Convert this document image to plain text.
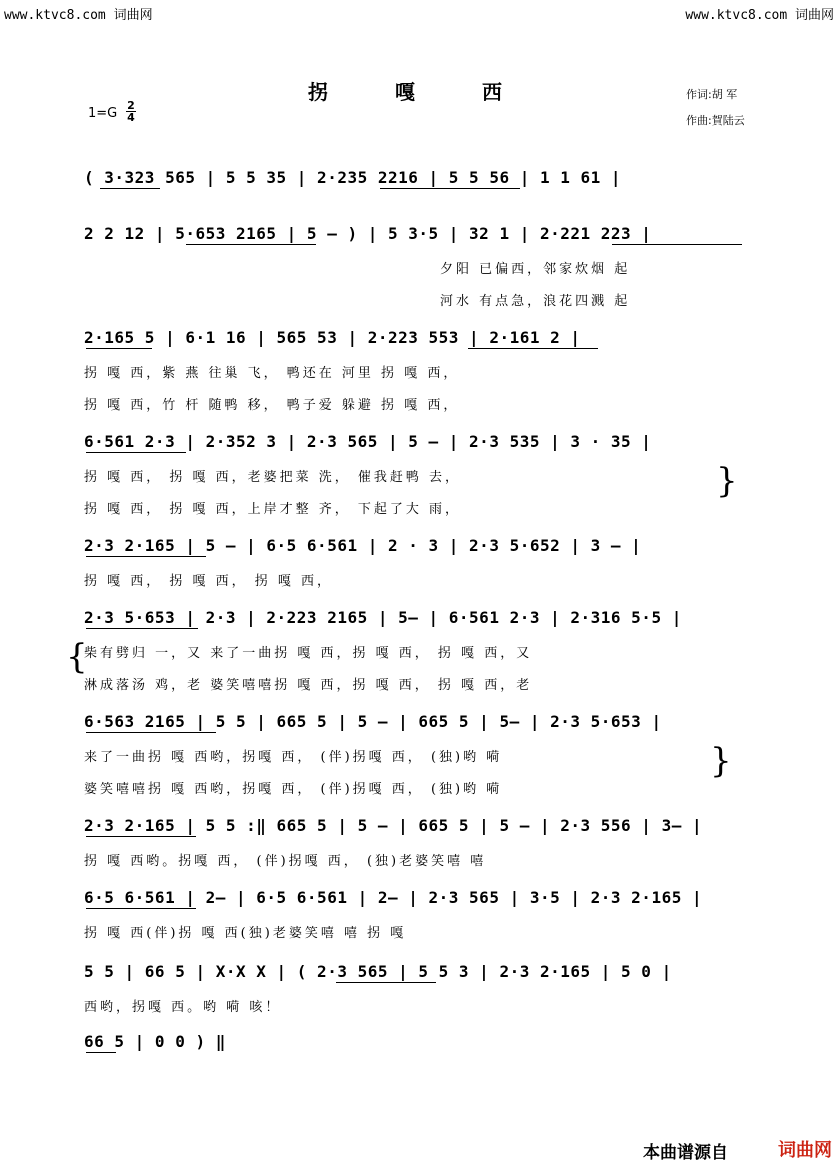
www.ktvc8.com 词曲网	www.ktvc8.com 词曲网
拐 嘎 西	作词:胡 军
作曲:賀陆云
1=G
2
4
( 3·323 565 | 5 5 35 | 2·235 2216 | 5 5 56 | 1 1 61 |
2 2 12 | 5·653 2165 | 5 — ) | 5 3·5 | 32 1 | 2·221 223 |
2·165 5 | 6·1 16 | 565 53 | 2·223 553 | 2·161 2 |
6·561 2·3 | 2·352 3 | 2·3 565 | 5 — | 2·3 535 | 3 · 35 |
2·3 2·165 | 5 — | 6·5 6·561 | 2 · 3 | 2·3 5·652 | 3 — |
2·3 5·653 | 2·3 | 2·223 2165 | 5— | 6·561 2·3 | 2·316 5·5 |
6·563 2165 | 5 5 | 665 5 | 5 — | 665 5 | 5— | 2·3 5·653 |
2·3 2·165 | 5 5 :‖ 665 5 | 5 — | 665 5 | 5 — | 2·3 556 | 3— |
6·5 6·561 | 2— | 6·5 6·561 | 2— | 2·3 565 | 3·5 | 2·3 2·165 |
5 5 | 66 5 | X·X X | ( 2·3 565 | 5 5 3 | 2·3 2·165 | 5 0 |
66 5 | 0 0 ) ‖
夕阳 已偏西，邻家炊烟 起
河水 有点急，浪花四溅 起
拐 嘎 西，紫 燕 往巢 飞， 鸭还在 河里 拐 嘎 西，
拐 嘎 西，竹 杆 随鸭 移， 鸭子爱 躲避 拐 嘎 西，
拐 嘎 西， 拐 嘎 西，老婆把菜 洗， 催我赶鸭 去，
拐 嘎 西， 拐 嘎 西，上岸才整 齐， 下起了大 雨，
拐 嘎 西， 拐 嘎 西， 拐 嘎 西，
柴有劈归 一，又 来了一曲拐 嘎 西，拐 嘎 西， 拐 嘎 西，又
淋成落汤 鸡，老 婆笑嘻嘻拐 嘎 西，拐 嘎 西， 拐 嘎 西，老
来了一曲拐 嘎 西哟，拐嘎 西， (伴)拐嘎 西， (独)哟 嗬
婆笑嘻嘻拐 嘎 西哟，拐嘎 西， (伴)拐嘎 西， (独)哟 嗬
拐 嘎 西哟。拐嘎 西， (伴)拐嘎 西， (独)老婆笑嘻 嘻
拐 嘎 西(伴)拐 嘎 西(独)老婆笑嘻 嘻 拐 嘎
西哟，拐嘎 西。哟 嗬 咳！
}
{
}
本曲谱源自	词曲网
